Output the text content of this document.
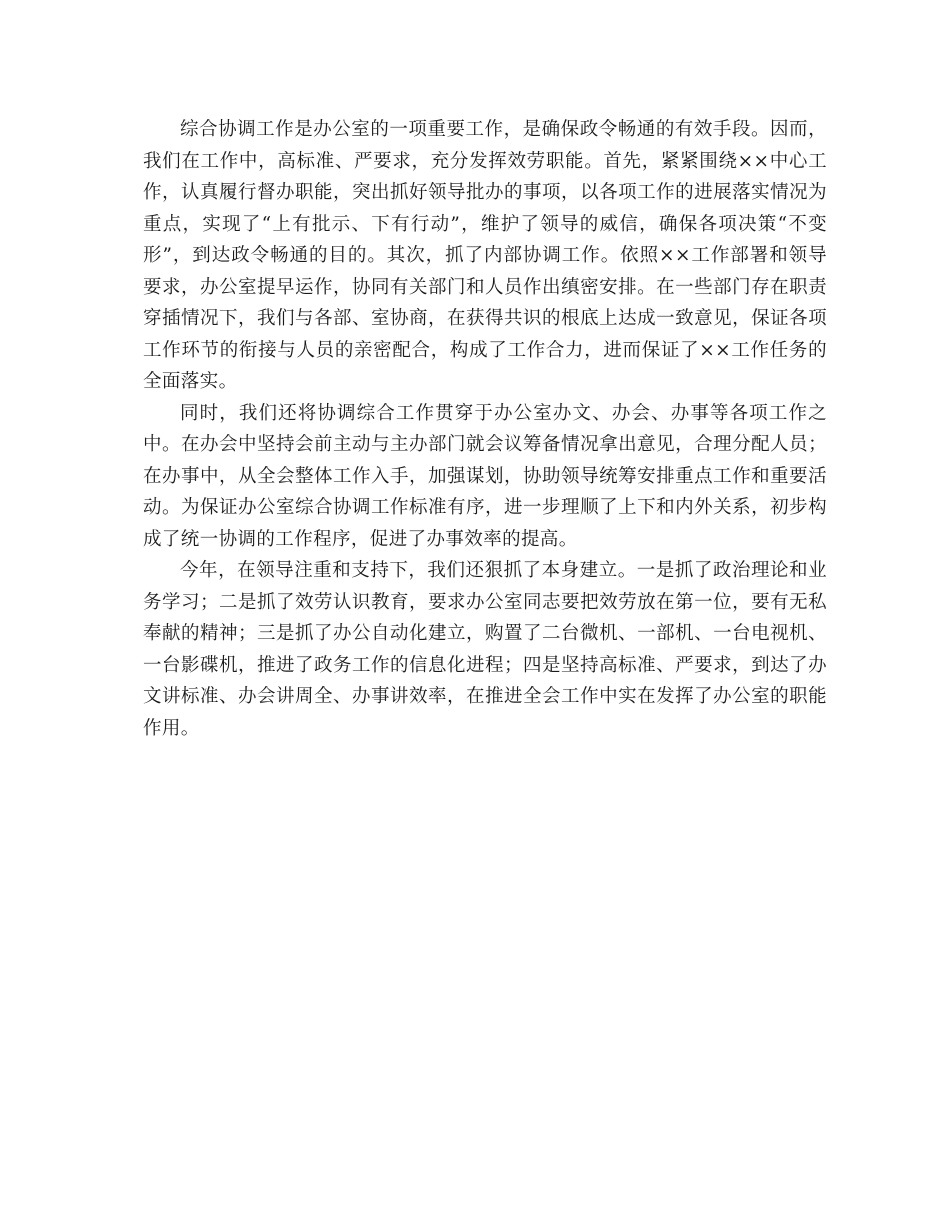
综合协调工作是办公室的一项重要工作，是确保政令畅通的有效手段。因而，我们在工作中，高标准、严要求，充分发挥效劳职能。首先，紧紧围绕××中心工作，认真履行督办职能，突出抓好领导批办的事项，以各项工作的进展落实情况为重点，实现了“上有批示、下有行动”，维护了领导的威信，确保各项决策“不变形”，到达政令畅通的目的。其次，抓了内部协调工作。依照××工作部署和领导要求，办公室提早运作，协同有关部门和人员作出缜密安排。在一些部门存在职责穿插情况下，我们与各部、室协商，在获得共识的根底上达成一致意见，保证各项工作环节的衔接与人员的亲密配合，构成了工作合力，进而保证了××工作任务的全面落实。

同时，我们还将协调综合工作贯穿于办公室办文、办会、办事等各项工作之中。在办会中坚持会前主动与主办部门就会议筹备情况拿出意见，合理分配人员；在办事中，从全会整体工作入手，加强谋划，协助领导统筹安排重点工作和重要活动。为保证办公室综合协调工作标准有序，进一步理顺了上下和内外关系，初步构成了统一协调的工作程序，促进了办事效率的提高。

今年，在领导注重和支持下，我们还狠抓了本身建立。一是抓了政治理论和业务学习；二是抓了效劳认识教育，要求办公室同志要把效劳放在第一位，要有无私奉献的精神；三是抓了办公自动化建立，购置了二台微机、一部机、一台电视机、一台影碟机，推进了政务工作的信息化进程；四是坚持高标准、严要求，到达了办文讲标准、办会讲周全、办事讲效率，在推进全会工作中实在发挥了办公室的职能作用。
